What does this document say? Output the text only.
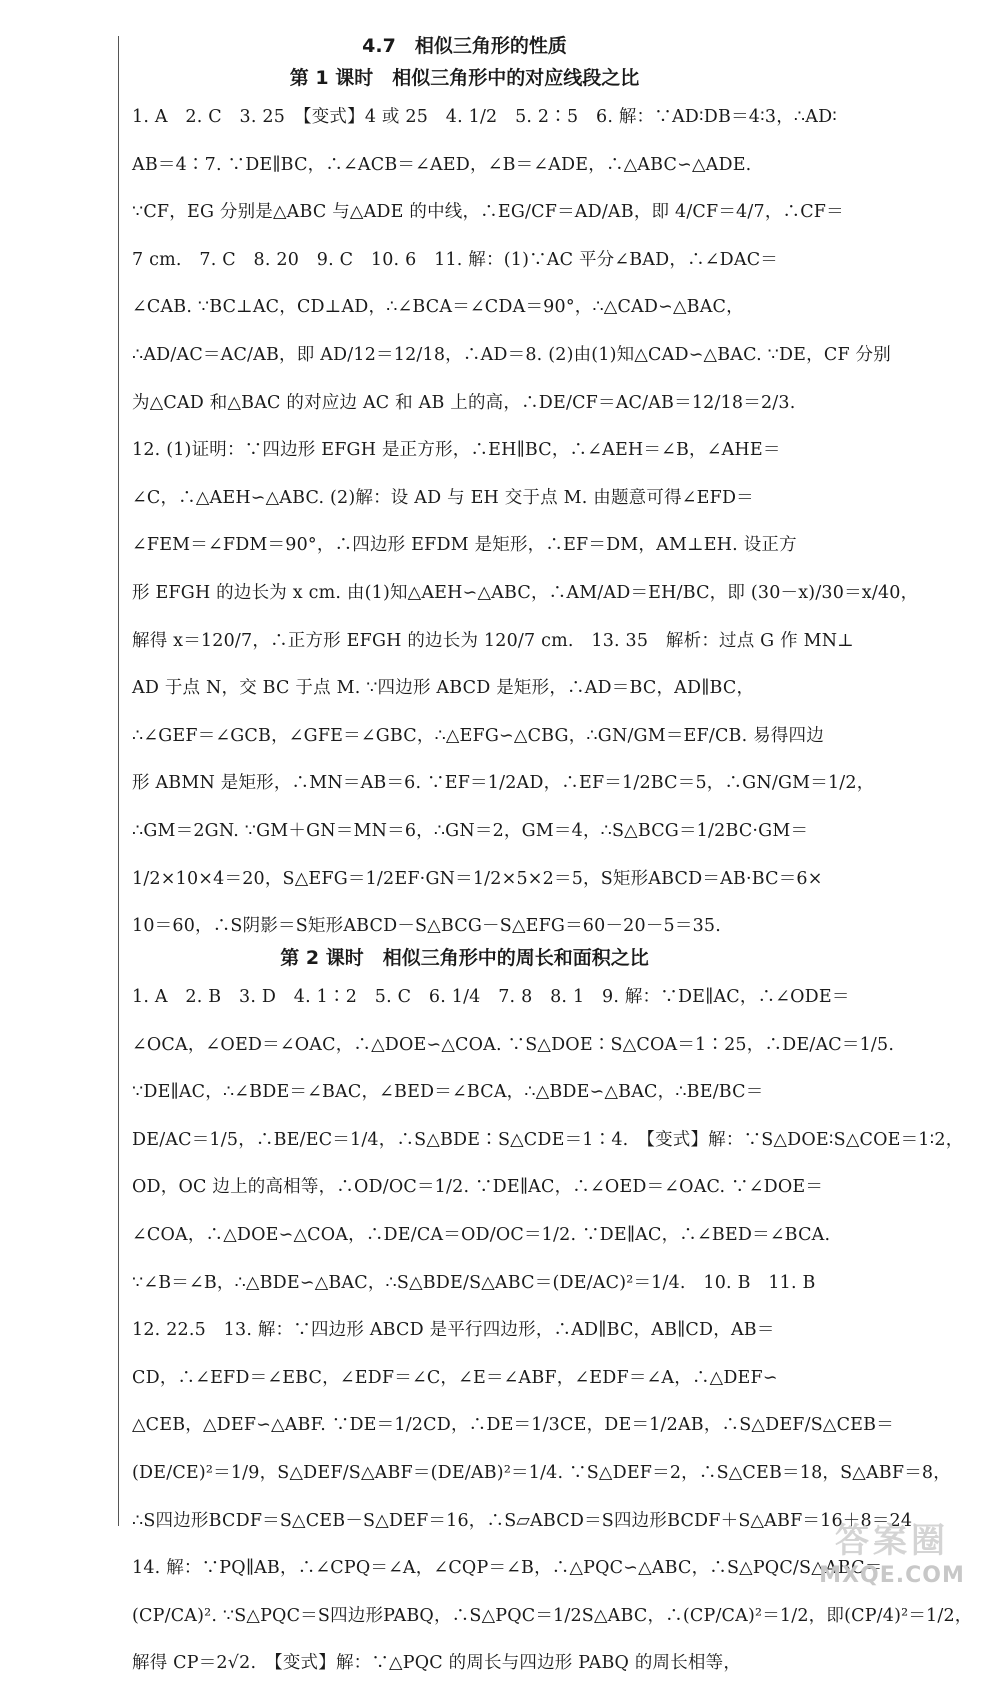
4.7　相似三角形的性质
第 1 课时　相似三角形中的对应线段之比
1. A　2. C　3. 25　【变式】4 或 25　4. 1/2　5. 2∶5　6. 解：∵AD∶DB＝4∶3，∴AD∶
AB＝4∶7. ∵DE∥BC，∴∠ACB＝∠AED，∠B＝∠ADE，∴△ABC∽△ADE.
∵CF，EG 分别是△ABC 与△ADE 的中线，∴EG/CF＝AD/AB，即 4/CF＝4/7，∴CF＝
7 cm.　7. C　8. 20　9. C　10. 6　11. 解：(1)∵AC 平分∠BAD，∴∠DAC＝
∠CAB. ∵BC⊥AC，CD⊥AD，∴∠BCA＝∠CDA＝90°，∴△CAD∽△BAC，
∴AD/AC＝AC/AB，即 AD/12＝12/18，∴AD＝8. (2)由(1)知△CAD∽△BAC. ∵DE，CF 分别
为△CAD 和△BAC 的对应边 AC 和 AB 上的高，∴DE/CF＝AC/AB＝12/18＝2/3.
12. (1)证明：∵四边形 EFGH 是正方形，∴EH∥BC，∴∠AEH＝∠B，∠AHE＝
∠C，∴△AEH∽△ABC. (2)解：设 AD 与 EH 交于点 M. 由题意可得∠EFD＝
∠FEM＝∠FDM＝90°，∴四边形 EFDM 是矩形，∴EF＝DM，AM⊥EH. 设正方
形 EFGH 的边长为 x cm. 由(1)知△AEH∽△ABC，∴AM/AD＝EH/BC，即 (30－x)/30＝x/40，
解得 x＝120/7，∴正方形 EFGH 的边长为 120/7 cm.　13. 35　解析：过点 G 作 MN⊥
AD 于点 N，交 BC 于点 M. ∵四边形 ABCD 是矩形，∴AD＝BC，AD∥BC，
∴∠GEF＝∠GCB，∠GFE＝∠GBC，∴△EFG∽△CBG，∴GN/GM＝EF/CB. 易得四边
形 ABMN 是矩形，∴MN＝AB＝6. ∵EF＝1/2AD，∴EF＝1/2BC＝5，∴GN/GM＝1/2，
∴GM＝2GN. ∵GM＋GN＝MN＝6，∴GN＝2，GM＝4，∴S△BCG＝1/2BC·GM＝
1/2×10×4＝20，S△EFG＝1/2EF·GN＝1/2×5×2＝5，S矩形ABCD＝AB·BC＝6×
10＝60，∴S阴影＝S矩形ABCD－S△BCG－S△EFG＝60－20－5＝35.
第 2 课时　相似三角形中的周长和面积之比
1. A　2. B　3. D　4. 1∶2　5. C　6. 1/4　7. 8　8. 1　9. 解：∵DE∥AC，∴∠ODE＝
∠OCA，∠OED＝∠OAC，∴△DOE∽△COA. ∵S△DOE∶S△COA＝1∶25，∴DE/AC＝1/5.
∵DE∥AC，∴∠BDE＝∠BAC，∠BED＝∠BCA，∴△BDE∽△BAC，∴BE/BC＝
DE/AC＝1/5，∴BE/EC＝1/4，∴S△BDE∶S△CDE＝1∶4.　【变式】解：∵S△DOE∶S△COE＝1∶2，
OD，OC 边上的高相等，∴OD/OC＝1/2. ∵DE∥AC，∴∠OED＝∠OAC. ∵∠DOE＝
∠COA，∴△DOE∽△COA，∴DE/CA＝OD/OC＝1/2. ∵DE∥AC，∴∠BED＝∠BCA.
∵∠B＝∠B，∴△BDE∽△BAC，∴S△BDE/S△ABC＝(DE/AC)²＝1/4.　10. B　11. B
12. 22.5　13. 解：∵四边形 ABCD 是平行四边形，∴AD∥BC，AB∥CD，AB＝
CD，∴∠EFD＝∠EBC，∠EDF＝∠C，∠E＝∠ABF，∠EDF＝∠A，∴△DEF∽
△CEB，△DEF∽△ABF. ∵DE＝1/2CD，∴DE＝1/3CE，DE＝1/2AB，∴S△DEF/S△CEB＝
(DE/CE)²＝1/9，S△DEF/S△ABF＝(DE/AB)²＝1/4. ∵S△DEF＝2，∴S△CEB＝18，S△ABF＝8，
∴S四边形BCDF＝S△CEB－S△DEF＝16，∴S▱ABCD＝S四边形BCDF＋S△ABF＝16＋8＝24.
14. 解：∵PQ∥AB，∴∠CPQ＝∠A，∠CQP＝∠B，∴△PQC∽△ABC，∴S△PQC/S△ABC＝
(CP/CA)². ∵S△PQC＝S四边形PABQ，∴S△PQC＝1/2S△ABC，∴(CP/CA)²＝1/2，即(CP/4)²＝1/2，
解得 CP＝2√2.　【变式】解：∵△PQC 的周长与四边形 PABQ 的周长相等，
答案圈
MXQE.COM
